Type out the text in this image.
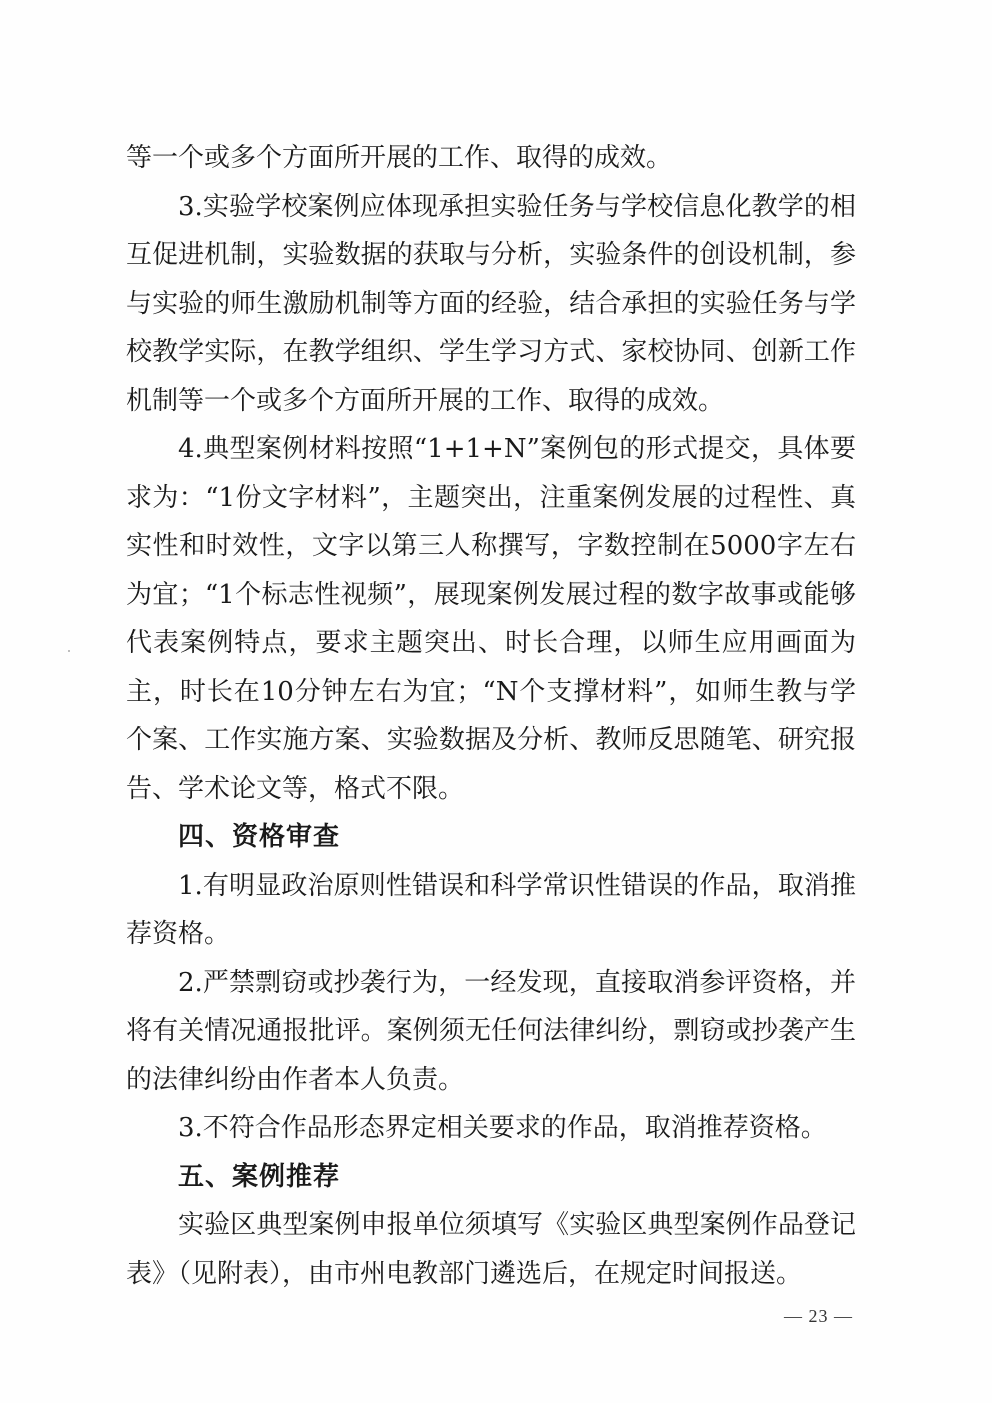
等一个或多个方面所开展的工作、取得的成效。

3.实验学校案例应体现承担实验任务与学校信息化教学的相互促进机制，实验数据的获取与分析，实验条件的创设机制，参与实验的师生激励机制等方面的经验，结合承担的实验任务与学校教学实际，在教学组织、学生学习方式、家校协同、创新工作机制等一个或多个方面所开展的工作、取得的成效。

4.典型案例材料按照“1+1+N”案例包的形式提交，具体要求为：“1份文字材料”，主题突出，注重案例发展的过程性、真实性和时效性，文字以第三人称撰写，字数控制在5000字左右为宜；“1个标志性视频”，展现案例发展过程的数字故事或能够代表案例特点，要求主题突出、时长合理，以师生应用画面为主，时长在10分钟左右为宜；“N个支撑材料”，如师生教与学个案、工作实施方案、实验数据及分析、教师反思随笔、研究报告、学术论文等，格式不限。

四、资格审查

1.有明显政治原则性错误和科学常识性错误的作品，取消推荐资格。

2.严禁剽窃或抄袭行为，一经发现，直接取消参评资格，并将有关情况通报批评。案例须无任何法律纠纷，剽窃或抄袭产生的法律纠纷由作者本人负责。

3.不符合作品形态界定相关要求的作品，取消推荐资格。

五、案例推荐

实验区典型案例申报单位须填写《实验区典型案例作品登记表》（见附表），由市州电教部门遴选后，在规定时间报送。

— 23 —
